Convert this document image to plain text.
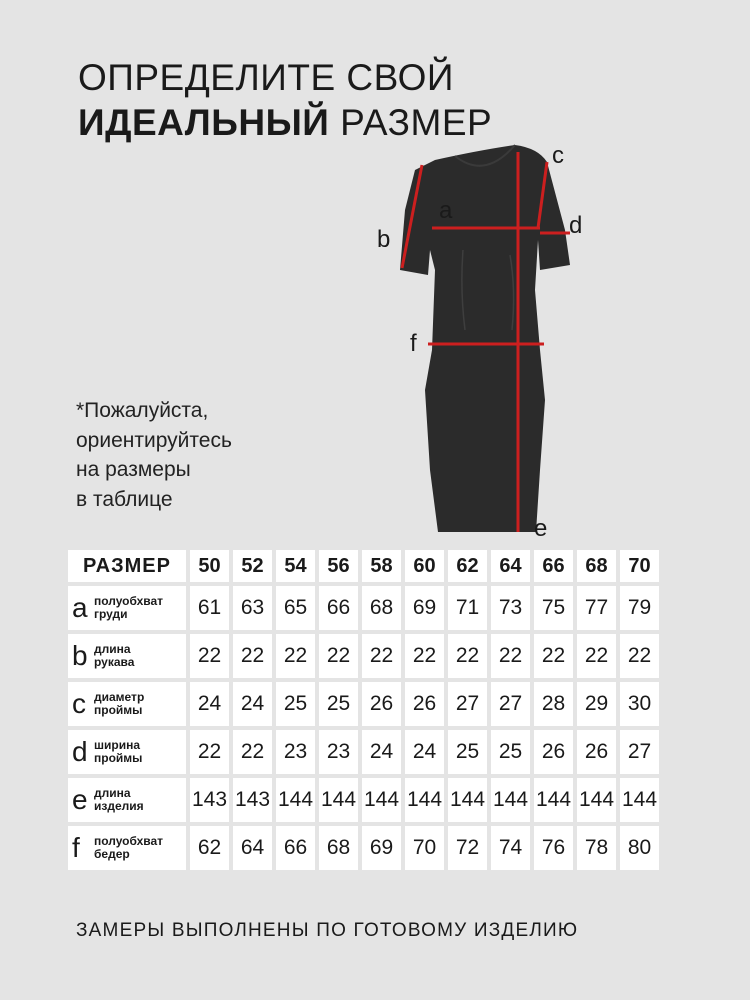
ОПРЕДЕЛИТЕ СВОЙ
ИДЕАЛЬНЫЙ РАЗМЕР
*Пожалуйста,
ориентируйтесь
на размеры
в таблице
a
b
c
d
e
f
РАЗМЕР	50	52	54	56	58	60	62	64	66	68	70

a полуобхват
груди	61	63	65	66	68	69	71	73	75	77	79

b длина
рукава	22	22	22	22	22	22	22	22	22	22	22

c диаметр
проймы	24	24	25	25	26	26	27	27	28	29	30

d ширина
проймы	22	22	23	23	24	24	25	25	26	26	27

e длина
изделия	143	143	144	144	144	144	144	144	144	144	144

f полуобхват
бедер	62	64	66	68	69	70	72	74	76	78	80
ЗАМЕРЫ ВЫПОЛНЕНЫ ПО ГОТОВОМУ ИЗДЕЛИЮ
